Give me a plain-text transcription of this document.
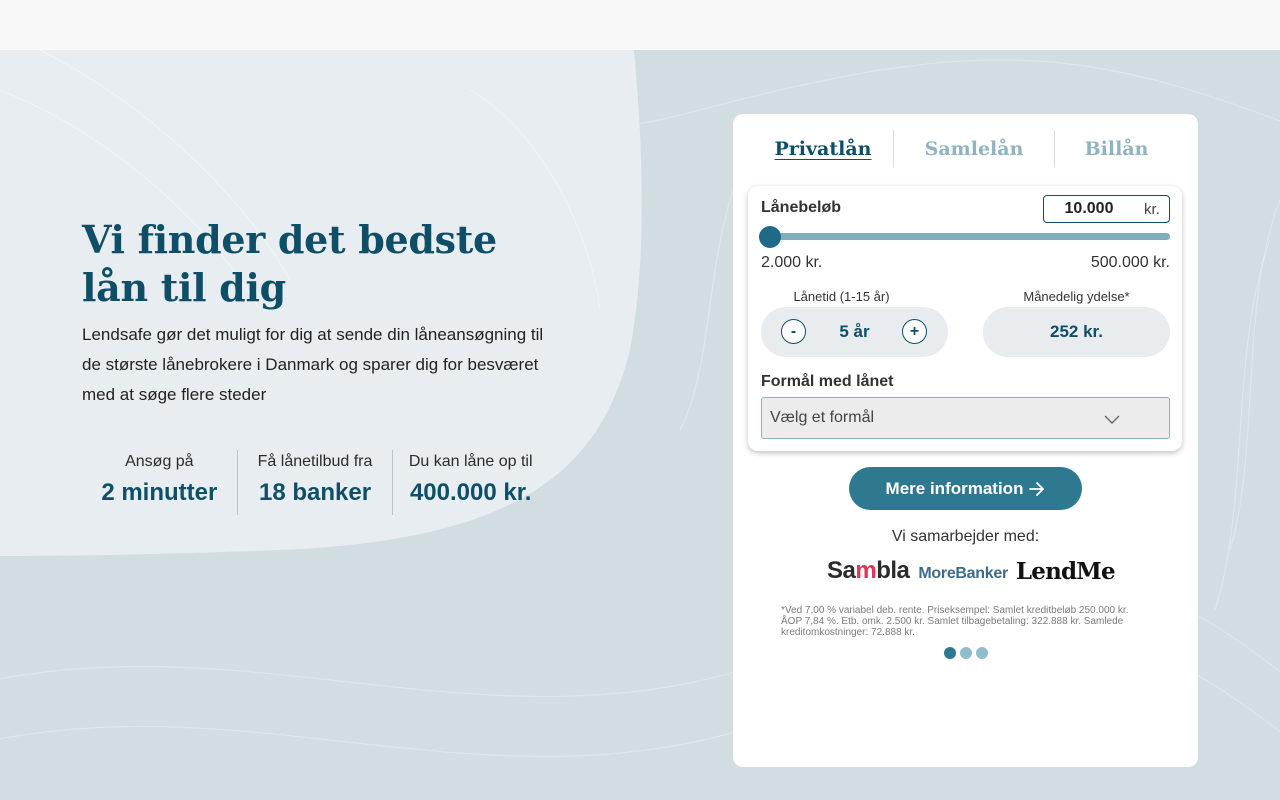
Vi finder det bedste lån til dig

Lendsafe gør det muligt for dig at sende din låneansøgning til de største lånebrokere i Danmark og sparer dig for besværet med at søge flere steder

Ansøg på
2 minutter
Få lånetilbud fra
18 banker
Du kan låne op til
400.000 kr.
Privatlån	Samlelån	Billån
Lånebeløb	10.000	kr.
2.000 kr.	500.000 kr.
Lånetid (1-15 år)
5 år
-	+
Månedelig ydelse*
252 kr.
Formål med lånet
Vælg et formål
Mere information
Vi samarbejder med:
Sambla MoreBanker LendMe
*Ved 7,00 % variabel deb. rente. Priseksempel: Samlet kreditbeløb 250.000 kr. ÅOP 7,84 %. Etb. omk. 2.500 kr. Samlet tilbagebetaling: 322.888 kr. Samlede kreditomkostninger: 72.888 kr.
